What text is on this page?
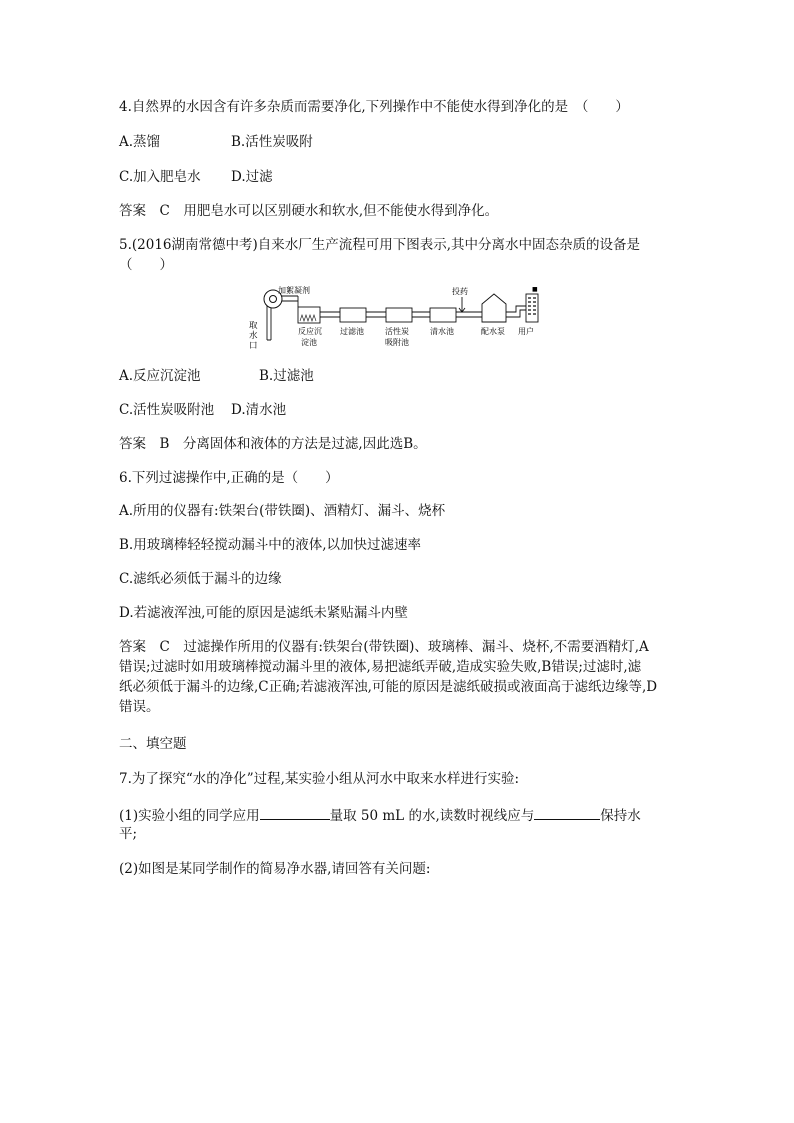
4.自然界的水因含有许多杂质而需要净化,下列操作中不能使水得到净化的是　（　　）
A.蒸馏	B.活性炭吸附
C.加入肥皂水 D.过滤
答案　C　用肥皂水可以区别硬水和软水,但不能使水得到净化。
5.(2016湖南常德中考)自来水厂生产流程可用下图表示,其中分离水中固态杂质的设备是
（　　）
取
水
口
加絮凝剂	投药	■
用户
反应沉
淀池
过滤池	活性炭
吸附池
清水池	配水泵
A.反应沉淀池	B.过滤池
C.活性炭吸附池 D.清水池
答案　B　分离固体和液体的方法是过滤,因此选B。
6.下列过滤操作中,正确的是（　　）
A.所用的仪器有:铁架台(带铁圈)、酒精灯、漏斗、烧杯
B.用玻璃棒轻轻搅动漏斗中的液体,以加快过滤速率
C.滤纸必须低于漏斗的边缘
D.若滤液浑浊,可能的原因是滤纸未紧贴漏斗内壁
答案　C　过滤操作所用的仪器有:铁架台(带铁圈)、玻璃棒、漏斗、烧杯,不需要酒精灯,A
错误;过滤时如用玻璃棒搅动漏斗里的液体,易把滤纸弄破,造成实验失败,B错误;过滤时,滤
纸必须低于漏斗的边缘,C正确;若滤液浑浊,可能的原因是滤纸破损或液面高于滤纸边缘等,D
错误。
二、填空题
7.为了探究“水的净化”过程,某实验小组从河水中取来水样进行实验:
(1)实验小组的同学应用	量取 50 mL 的水,读数时视线应与	保持水
平;
(2)如图是某同学制作的简易净水器,请回答有关问题:
